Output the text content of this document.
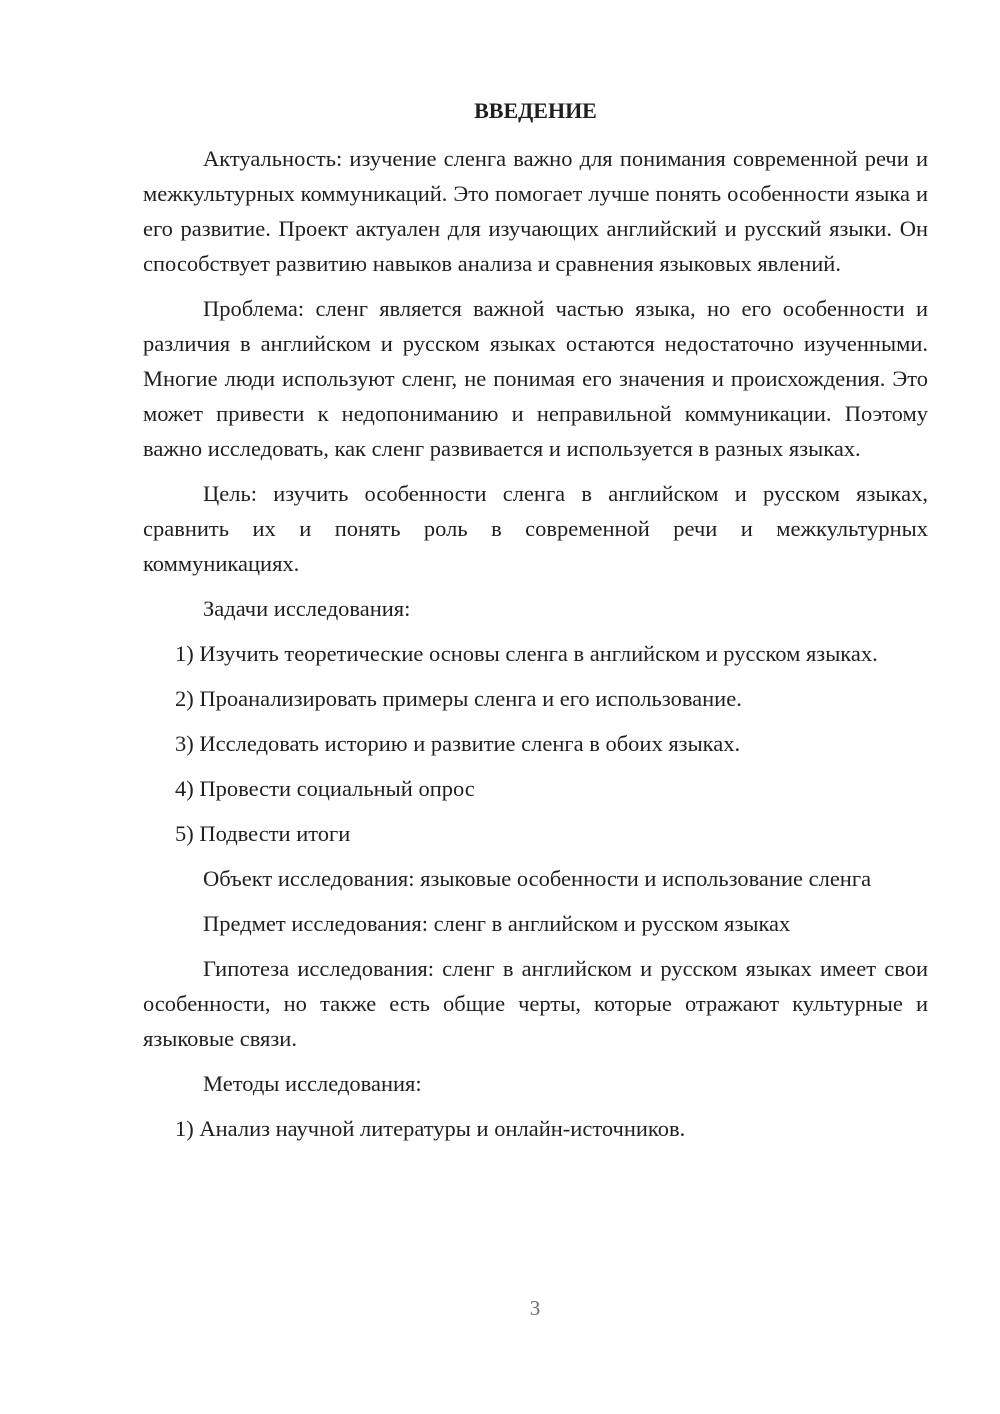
ВВЕДЕНИЕ

Актуальность: изучение сленга важно для понимания современной речи и межкультурных коммуникаций. Это помогает лучше понять особенности языка и его развитие. Проект актуален для изучающих английский и русский языки. Он способствует развитию навыков анализа и сравнения языковых явлений.

Проблема: сленг является важной частью языка, но его особенности и различия в английском и русском языках остаются недостаточно изученными. Многие люди используют сленг, не понимая его значения и происхождения. Это может привести к недопониманию и неправильной коммуникации. Поэтому важно исследовать, как сленг развивается и используется в разных языках.

Цель: изучить особенности сленга в английском и русском языках, сравнить их и понять роль в современной речи и межкультурных коммуникациях.

Задачи исследования:

1) Изучить теоретические основы сленга в английском и русском языках.

2) Проанализировать примеры сленга и его использование.

3) Исследовать историю и развитие сленга в обоих языках.

4) Провести социальный опрос

5) Подвести итоги

Объект исследования: языковые особенности и использование сленга

Предмет исследования: сленг в английском и русском языках

Гипотеза исследования: сленг в английском и русском языках имеет свои особенности, но также есть общие черты, которые отражают культурные и языковые связи.

Методы исследования:

1) Анализ научной литературы и онлайн-источников.

3
